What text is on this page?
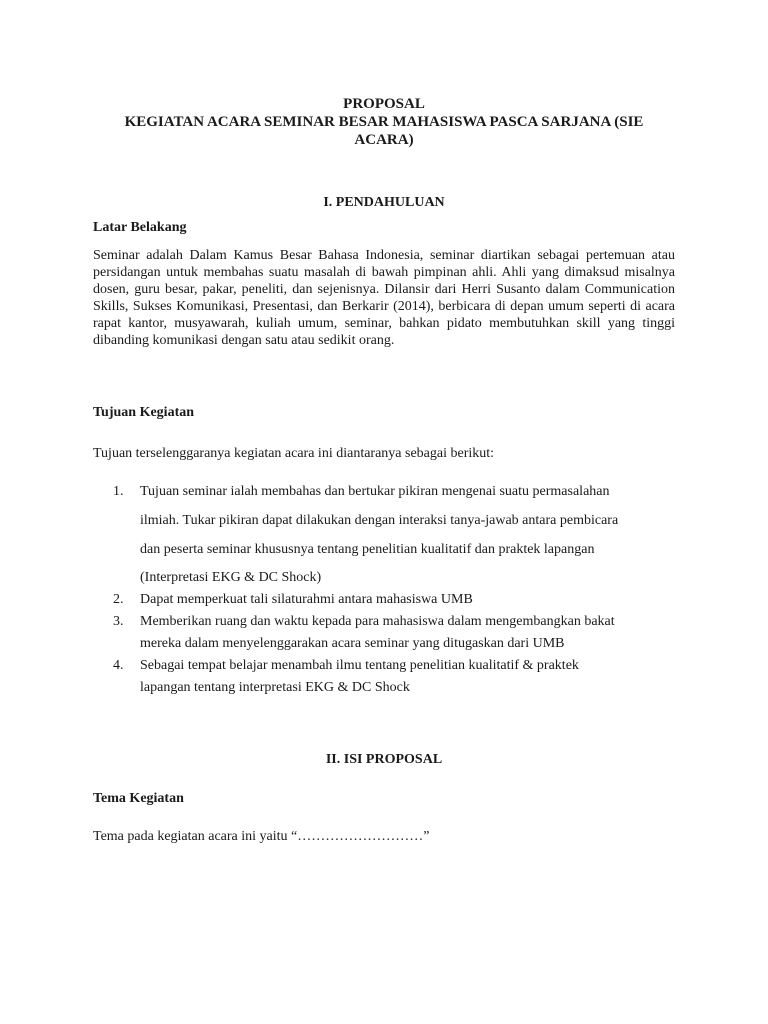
PROPOSAL
KEGIATAN ACARA SEMINAR BESAR MAHASISWA PASCA SARJANA (SIE
ACARA)
I. PENDAHULUAN
Latar Belakang
Seminar adalah Dalam Kamus Besar Bahasa Indonesia, seminar diartikan sebagai pertemuan atau persidangan untuk membahas suatu masalah di bawah pimpinan ahli. Ahli yang dimaksud misalnya dosen, guru besar, pakar, peneliti, dan sejenisnya. Dilansir dari Herri Susanto dalam Communication Skills, Sukses Komunikasi, Presentasi, dan Berkarir (2014), berbicara di depan umum seperti di acara rapat kantor, musyawarah, kuliah umum, seminar, bahkan pidato membutuhkan skill yang tinggi dibanding komunikasi dengan satu atau sedikit orang.
Tujuan Kegiatan
Tujuan terselenggaranya kegiatan acara ini diantaranya sebagai berikut:
1.	Tujuan seminar ialah membahas dan bertukar pikiran mengenai suatu permasalahan
ilmiah. Tukar pikiran dapat dilakukan dengan interaksi tanya-jawab antara pembicara
dan peserta seminar khususnya tentang penelitian kualitatif dan praktek lapangan
(Interpretasi EKG & DC Shock)
2.	Dapat memperkuat tali silaturahmi antara mahasiswa UMB
3.	Memberikan ruang dan waktu kepada para mahasiswa dalam mengembangkan bakat
mereka dalam menyelenggarakan acara seminar yang ditugaskan dari UMB
4.	Sebagai tempat belajar menambah ilmu tentang penelitian kualitatif & praktek
lapangan tentang interpretasi EKG & DC Shock
II. ISI PROPOSAL
Tema Kegiatan
Tema pada kegiatan acara ini yaitu “………………………”
